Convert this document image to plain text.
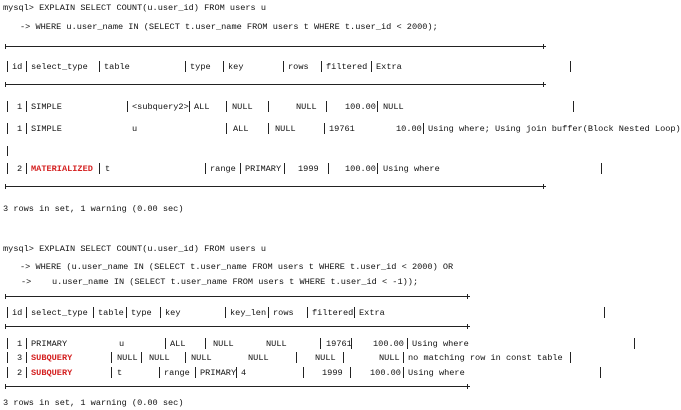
mysql> EXPLAIN SELECT COUNT(u.user_id) FROM users u
-> WHERE u.user_name IN (SELECT t.user_name FROM users t WHERE t.user_id < 2000);
id select_type table	type key	rows filtered Extra
1 SIMPLE	<subquery2> ALL	NULL	NULL	100.00 NULL
1 SIMPLE	u	ALL	NULL	19761	10.00 Using where; Using join buffer(Block Nested Loop)
2 MATERIALIZED t	range PRIMARY 1999	100.00 Using where
3 rows in set, 1 warning (0.00 sec)
mysql> EXPLAIN SELECT COUNT(u.user_id) FROM users u
-> WHERE (u.user_name IN (SELECT t.user_name FROM users t WHERE t.user_id < 2000) OR
->    u.user_name IN (SELECT t.user_name FROM users t WHERE t.user_id < -1));
id select_type table type key	key_len rows filtered Extra
1 PRIMARY	u	ALL	NULL	NULL	19761 100.00 Using where
3 SUBQUERY	NULL NULL NULL	NULL	NULL	NULL no matching row in const table
2 SUBQUERY	t	range PRIMARY 4	1999	100.00 Using where
3 rows in set, 1 warning (0.00 sec)
